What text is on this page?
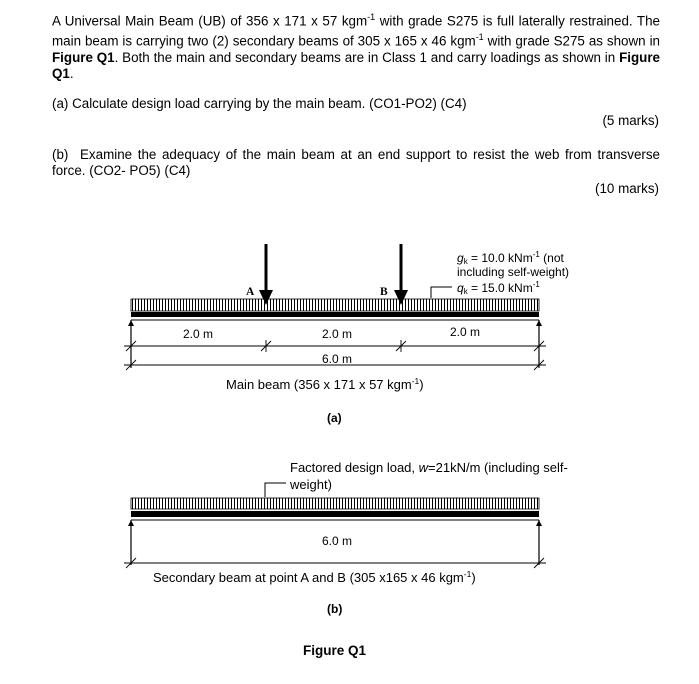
A Universal Main Beam (UB) of 356 x 171 x 57 kgm$^{-1}$ with grade S275 is full laterally restrained. The main beam is carrying two (2) secondary beams of 305 x 165 x 46 kgm$^{-1}$ with grade S275 as shown in Figure Q1. Both the main and secondary beams are in Class 1 and carry loadings as shown in Figure Q1.
(a) Calculate design load carrying by the main beam. (CO1-PO2) (C4)
(5 marks)
(b) Examine the adequacy of the main beam at an end support to resist the web from transverse force. (CO2- PO5) (C4)
(10 marks)
A	B
gk = 10.0 kNm$^{-1}$ (not
including self-weight)
qk = 15.0 kNm$^{-1}$
2.0 m	2.0 m	2.0 m
6.0 m
Main beam (356 x 171 x 57 kgm$^{-1}$)
(a)
Factored design load, w=21kN/m (including self-
weight)
6.0 m
Secondary beam at point A and B (305 x165 x 46 kgm$^{-1}$)
(b)
Figure Q1
